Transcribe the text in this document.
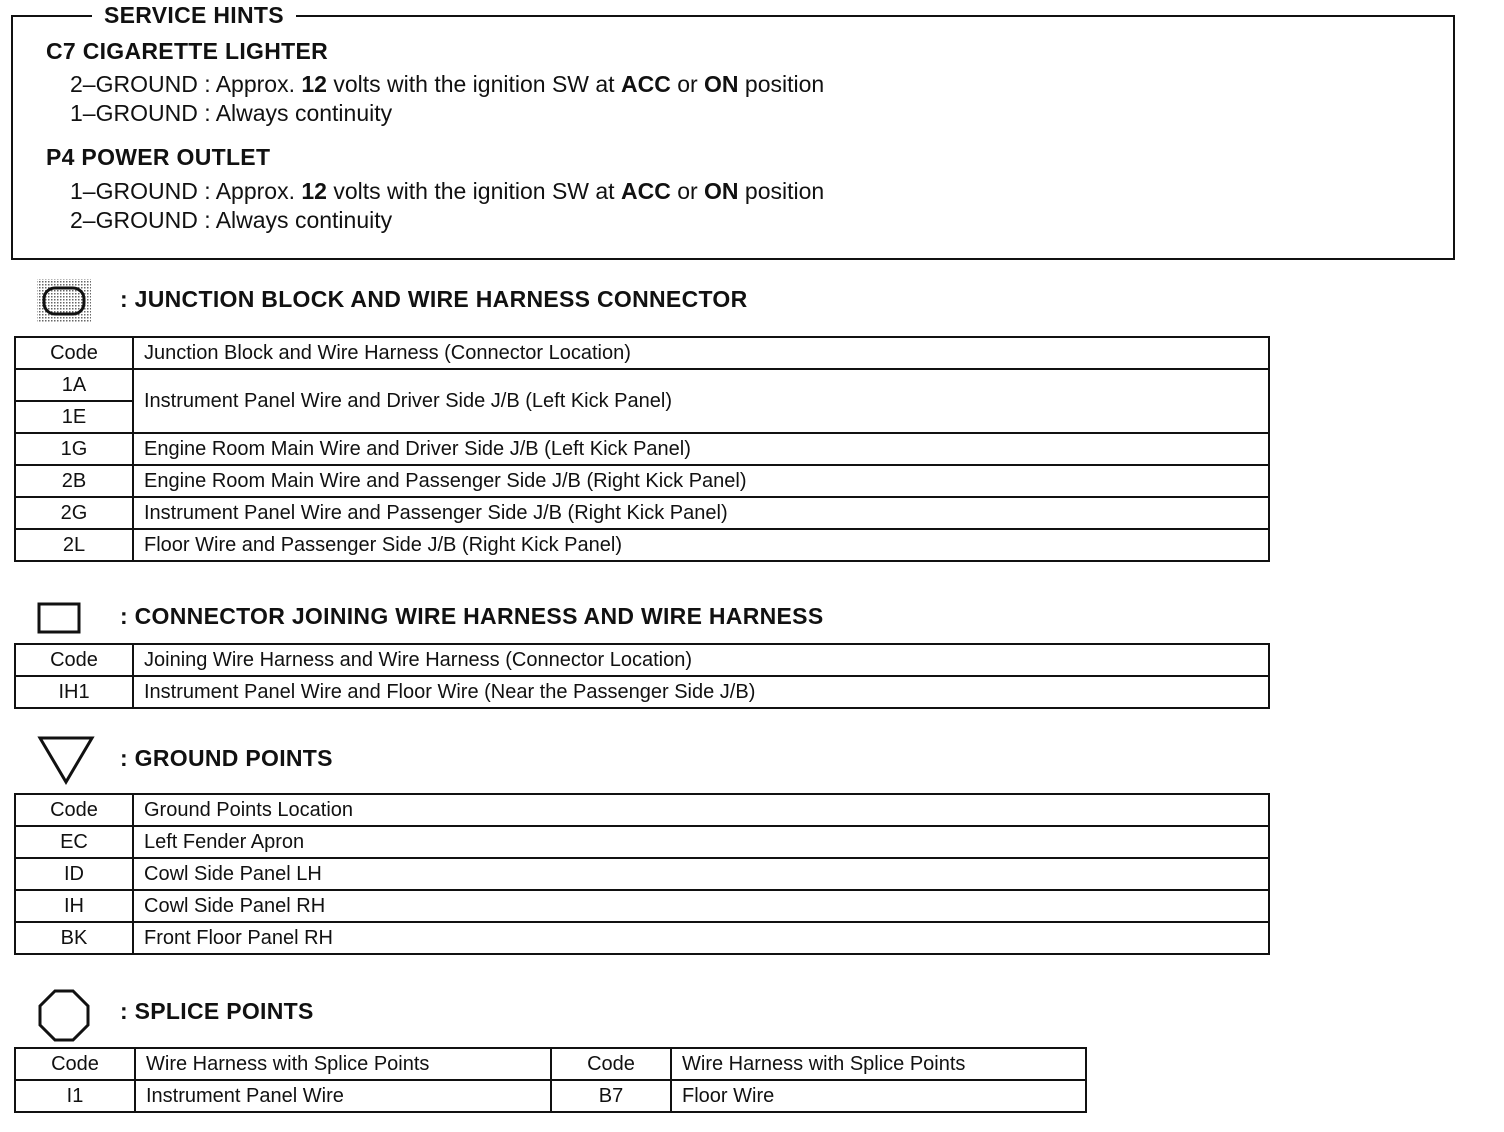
SERVICE HINTS
C7 CIGARETTE LIGHTER
2–GROUND : Approx. 12 volts with the ignition SW at ACC or ON position
1–GROUND : Always continuity
P4 POWER OUTLET
1–GROUND : Approx. 12 volts with the ignition SW at ACC or ON position
2–GROUND : Always continuity
: JUNCTION BLOCK AND WIRE HARNESS CONNECTOR
Code	Junction Block and Wire Harness (Connector Location)
1A	Instrument Panel Wire and Driver Side J/B (Left Kick Panel)
1E	
1G	Engine Room Main Wire and Driver Side J/B (Left Kick Panel)
2B	Engine Room Main Wire and Passenger Side J/B (Right Kick Panel)
2G	Instrument Panel Wire and Passenger Side J/B (Right Kick Panel)
2L	Floor Wire and Passenger Side J/B (Right Kick Panel)
: CONNECTOR JOINING WIRE HARNESS AND WIRE HARNESS
Code	Joining Wire Harness and Wire Harness (Connector Location)
IH1	Instrument Panel Wire and Floor Wire (Near the Passenger Side J/B)
: GROUND POINTS
Code	Ground Points Location
EC	Left Fender Apron
ID	Cowl Side Panel LH
IH	Cowl Side Panel RH
BK	Front Floor Panel RH
: SPLICE POINTS
Code	Wire Harness with Splice Points	Code	Wire Harness with Splice Points
I1	Instrument Panel Wire	B7	Floor Wire
